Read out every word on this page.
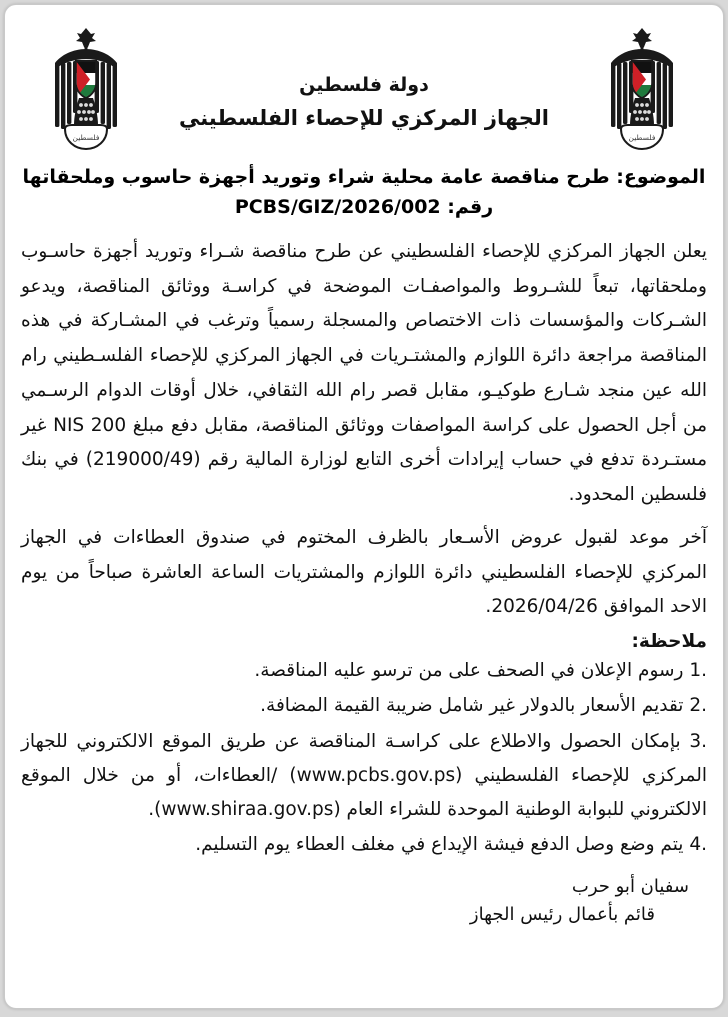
فلسطين
دولة فلسطين
الجهاز المركزي للإحصاء الفلسطيني
فلسطين
الموضوع: طرح مناقصة عامة محلية شراء وتوريد أجهزة حاسوب وملحقاتها
رقم: PCBS/GIZ/2026/002

يعلن الجهاز المركزي للإحصاء الفلسطيني عن طرح مناقصة شـراء وتوريد أجهزة حاسـوب وملحقاتها، تبعاً للشـروط والمواصفـات الموضحة في كراسـة ووثائق المناقصة، ويدعو الشـركات والمؤسسات ذات الاختصاص والمسجلة رسمياً وترغب في المشـاركة في هذه المناقصة مراجعة دائرة اللوازم والمشتـريات في الجهاز المركزي للإحصاء الفلسـطيني رام الله عين منجد شـارع طوكيـو، مقابل قصر رام الله الثقافي، خلال أوقات الدوام الرسـمي من أجل الحصول على كراسة المواصفات ووثائق المناقصة، مقابل دفع مبلغ NIS 200 غير مستـردة تدفع في حساب إيرادات أخرى التابع لوزارة المالية رقم (219000/49) في بنك فلسطين المحدود.

آخر موعد لقبول عروض الأسـعار بالظرف المختوم في صندوق العطاءات في الجهاز المركزي للإحصاء الفلسطيني دائرة اللوازم والمشتريات الساعة العاشرة صباحاً من يوم الاحد الموافق 2026/04/26.

ملاحظة:
1. رسوم الإعلان في الصحف على من ترسو عليه المناقصة.
2. تقديم الأسعار بالدولار غير شامل ضريبة القيمة المضافة.
3. بإمكان الحصول والاطلاع على كراسـة المناقصة عن طريق الموقع الالكتروني للجهاز المركزي للإحصاء الفلسطيني (www.pcbs.gov.ps) /العطاءات، أو من خلال الموقع الالكتروني للبوابة الوطنية الموحدة للشراء العام (www.shiraa.gov.ps).
4. يتم وضع وصل الدفع فيشة الإيداع في مغلف العطاء يوم التسليم.
سفيان أبو حرب
قائم بأعمال رئيس الجهاز
